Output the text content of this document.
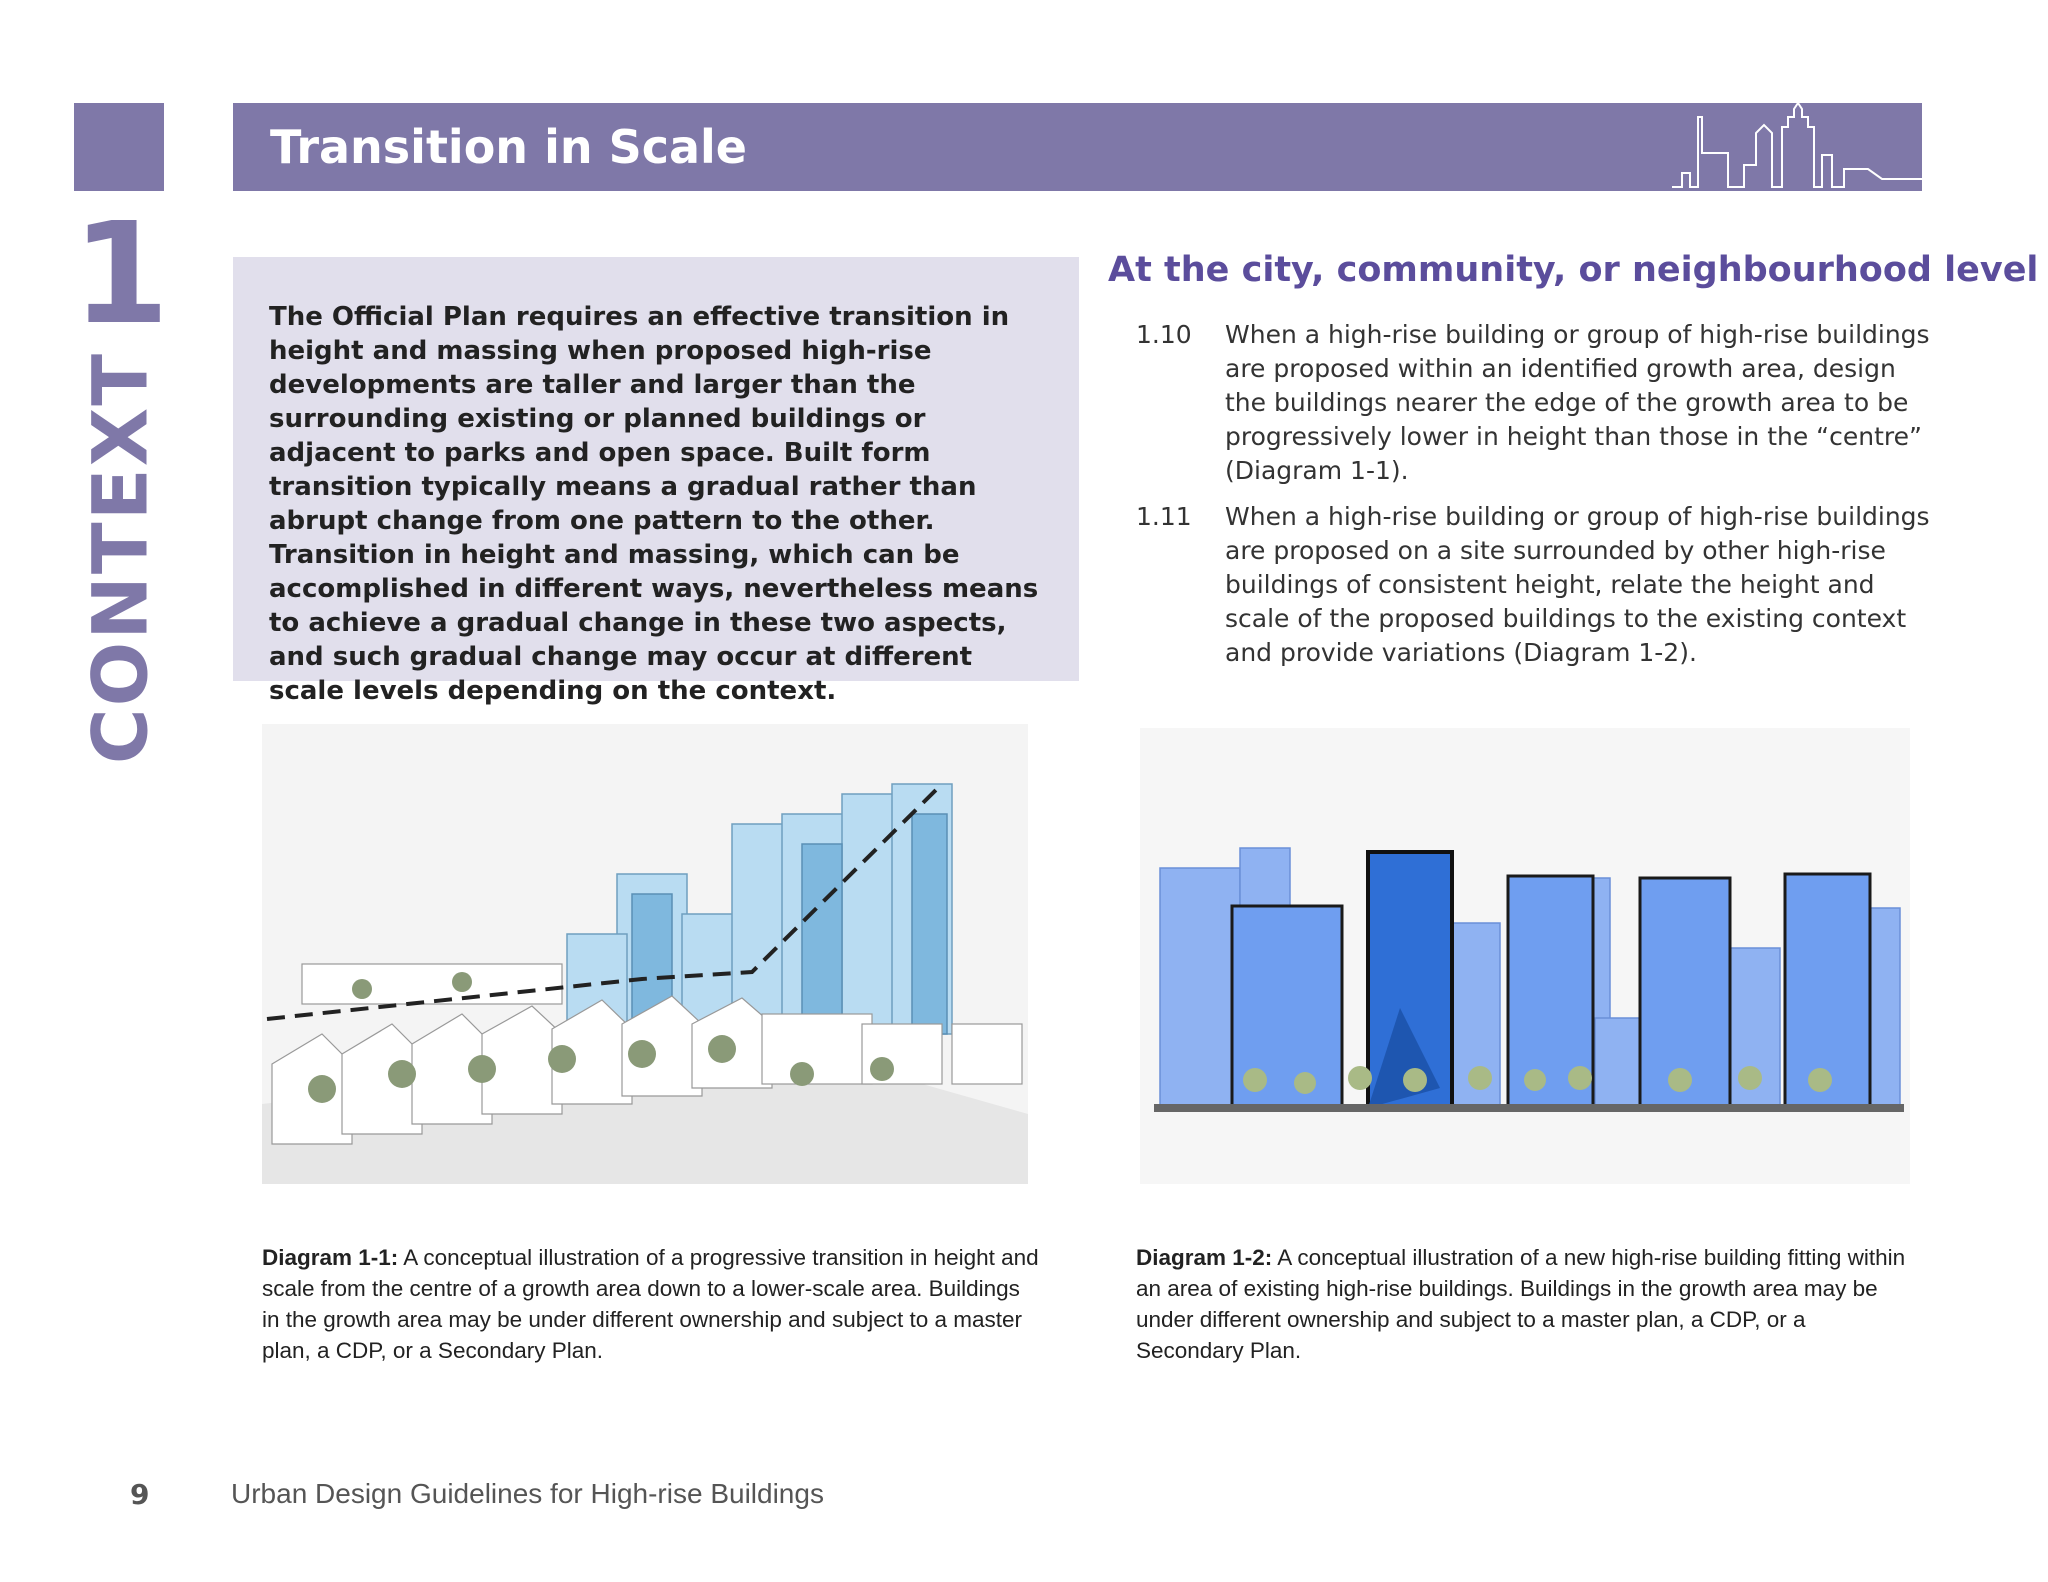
1
CONTEXT
Transition in Scale

The Official Plan requires an effective transition in height and massing when proposed high-rise developments are taller and larger than the surrounding existing or planned buildings or adjacent to parks and open space. Built form transition typically means a gradual rather than abrupt change from one pattern to the other. Transition in height and massing, which can be accomplished in different ways, nevertheless means to achieve a gradual change in these two aspects, and such gradual change may occur at different scale levels depending on the context.

At the city, community, or neighbourhood level
1.10 When a high-rise building or group of high-rise buildings are proposed within an identified growth area, design the buildings nearer the edge of the growth area to be progressively lower in height than those in the “centre” (Diagram 1-1).
1.11 When a high-rise building or group of high-rise buildings are proposed on a site surrounded by other high-rise buildings of consistent height, relate the height and scale of the proposed buildings to the existing context and provide variations (Diagram 1-2).

Diagram 1-1: A conceptual illustration of a progressive transition in height and scale from the centre of a growth area down to a lower-scale area. Buildings in the growth area may be under different ownership and subject to a master plan, a CDP, or a Secondary Plan.

Diagram 1-2: A conceptual illustration of a new high-rise building fitting within an area of existing high-rise buildings. Buildings in the growth area may be under different ownership and subject to a master plan, a CDP, or a Secondary Plan.

9	Urban Design Guidelines for High-rise Buildings
